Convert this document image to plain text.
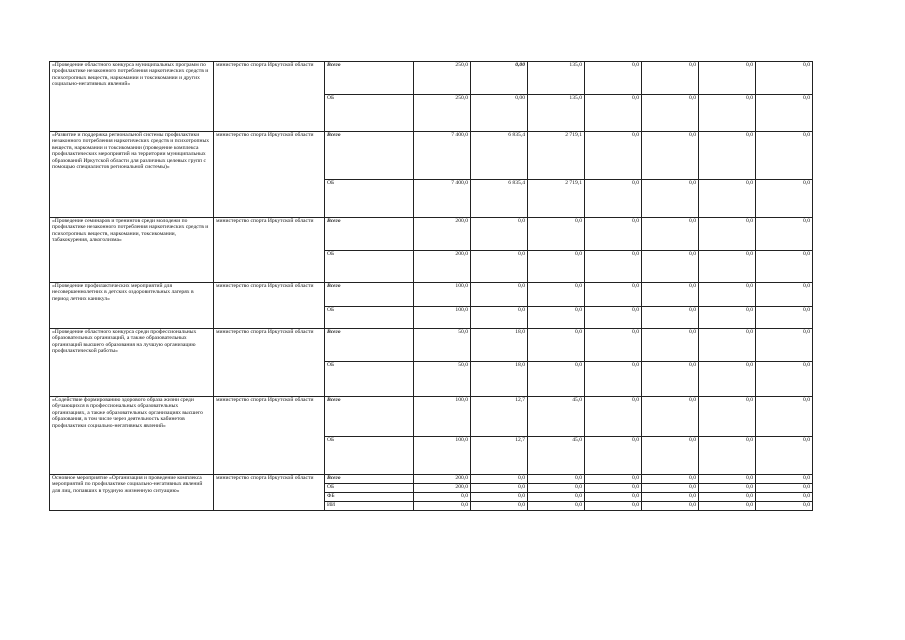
«Проведение областного конкурса муниципальных программ по профилактике незаконного потребления наркотических средств и психотропных веществ, наркомании и токсикомании и других социально-негативных явлений»	министерство спорта Иркутской области	Всего	250,0	0,00	135,0	0,0	0,0	0,0	0,0
		ОБ	250,0	0,00	135,0	0,0	0,0	0,0	0,0
«Развитие и поддержка региональной системы профилактики незаконного потребления наркотических средств и психотропных веществ, наркомании и токсикомании (проведение комплекса профилактических мероприятий на территории муниципальных образований Иркутской области для различных целевых групп с помощью специалистов региональной системы)»	министерство спорта Иркутской области	Всего	7 400,0	6 835,4	2 719,1	0,0	0,0	0,0	0,0
		ОБ	7 400,0	6 835,4	2 719,1	0,0	0,0	0,0	0,0
«Проведение семинаров и тренингов среди молодежи по профилактике незаконного потребления наркотических средств и психотропных веществ, наркомании, токсикомании, табакокурения, алкоголизма»	министерство спорта Иркутской области	Всего	200,0	0,0	0,0	0,0	0,0	0,0	0,0
		ОБ	200,0	0,0	0,0	0,0	0,0	0,0	0,0
«Проведение профилактических мероприятий для несовершеннолетних в детских оздоровительных лагерях в период летних каникул»	министерство спорта Иркутской области	Всего	100,0	0,0	0,0	0,0	0,0	0,0	0,0
		ОБ	100,0	0,0	0,0	0,0	0,0	0,0	0,0
«Проведение областного конкурса среди профессиональных образовательных организаций, а также образовательных организаций высшего образования на лучшую организацию профилактической работы»	министерство спорта Иркутской области	Всего	50,0	18,0	0,0	0,0	0,0	0,0	0,0
		ОБ	50,0	18,0	0,0	0,0	0,0	0,0	0,0
«Содействие формированию здорового образа жизни среди обучающихся в профессиональных образовательных организациях, а также образовательных организациях высшего образования, в том числе через деятельность кабинетов профилактики социально-негативных явлений»	министерство спорта Иркутской области	Всего	100,0	12,7	45,0	0,0	0,0	0,0	0,0
		ОБ	100,0	12,7	45,0	0,0	0,0	0,0	0,0
Основное мероприятие «Организация и проведение комплекса мероприятий по профилактике социально-негативных явлений для лиц, попавших в трудную жизненную ситуацию»	министерство спорта Иркутской области	Всего	200,0	0,0	0,0	0,0	0,0	0,0	0,0
		ОБ	200,0	0,0	0,0	0,0	0,0	0,0	0,0
		ФБ	0,0	0,0	0,0	0,0	0,0	0,0	0,0
		ИИ	0,0	0,0	0,0	0,0	0,0	0,0	0,0
